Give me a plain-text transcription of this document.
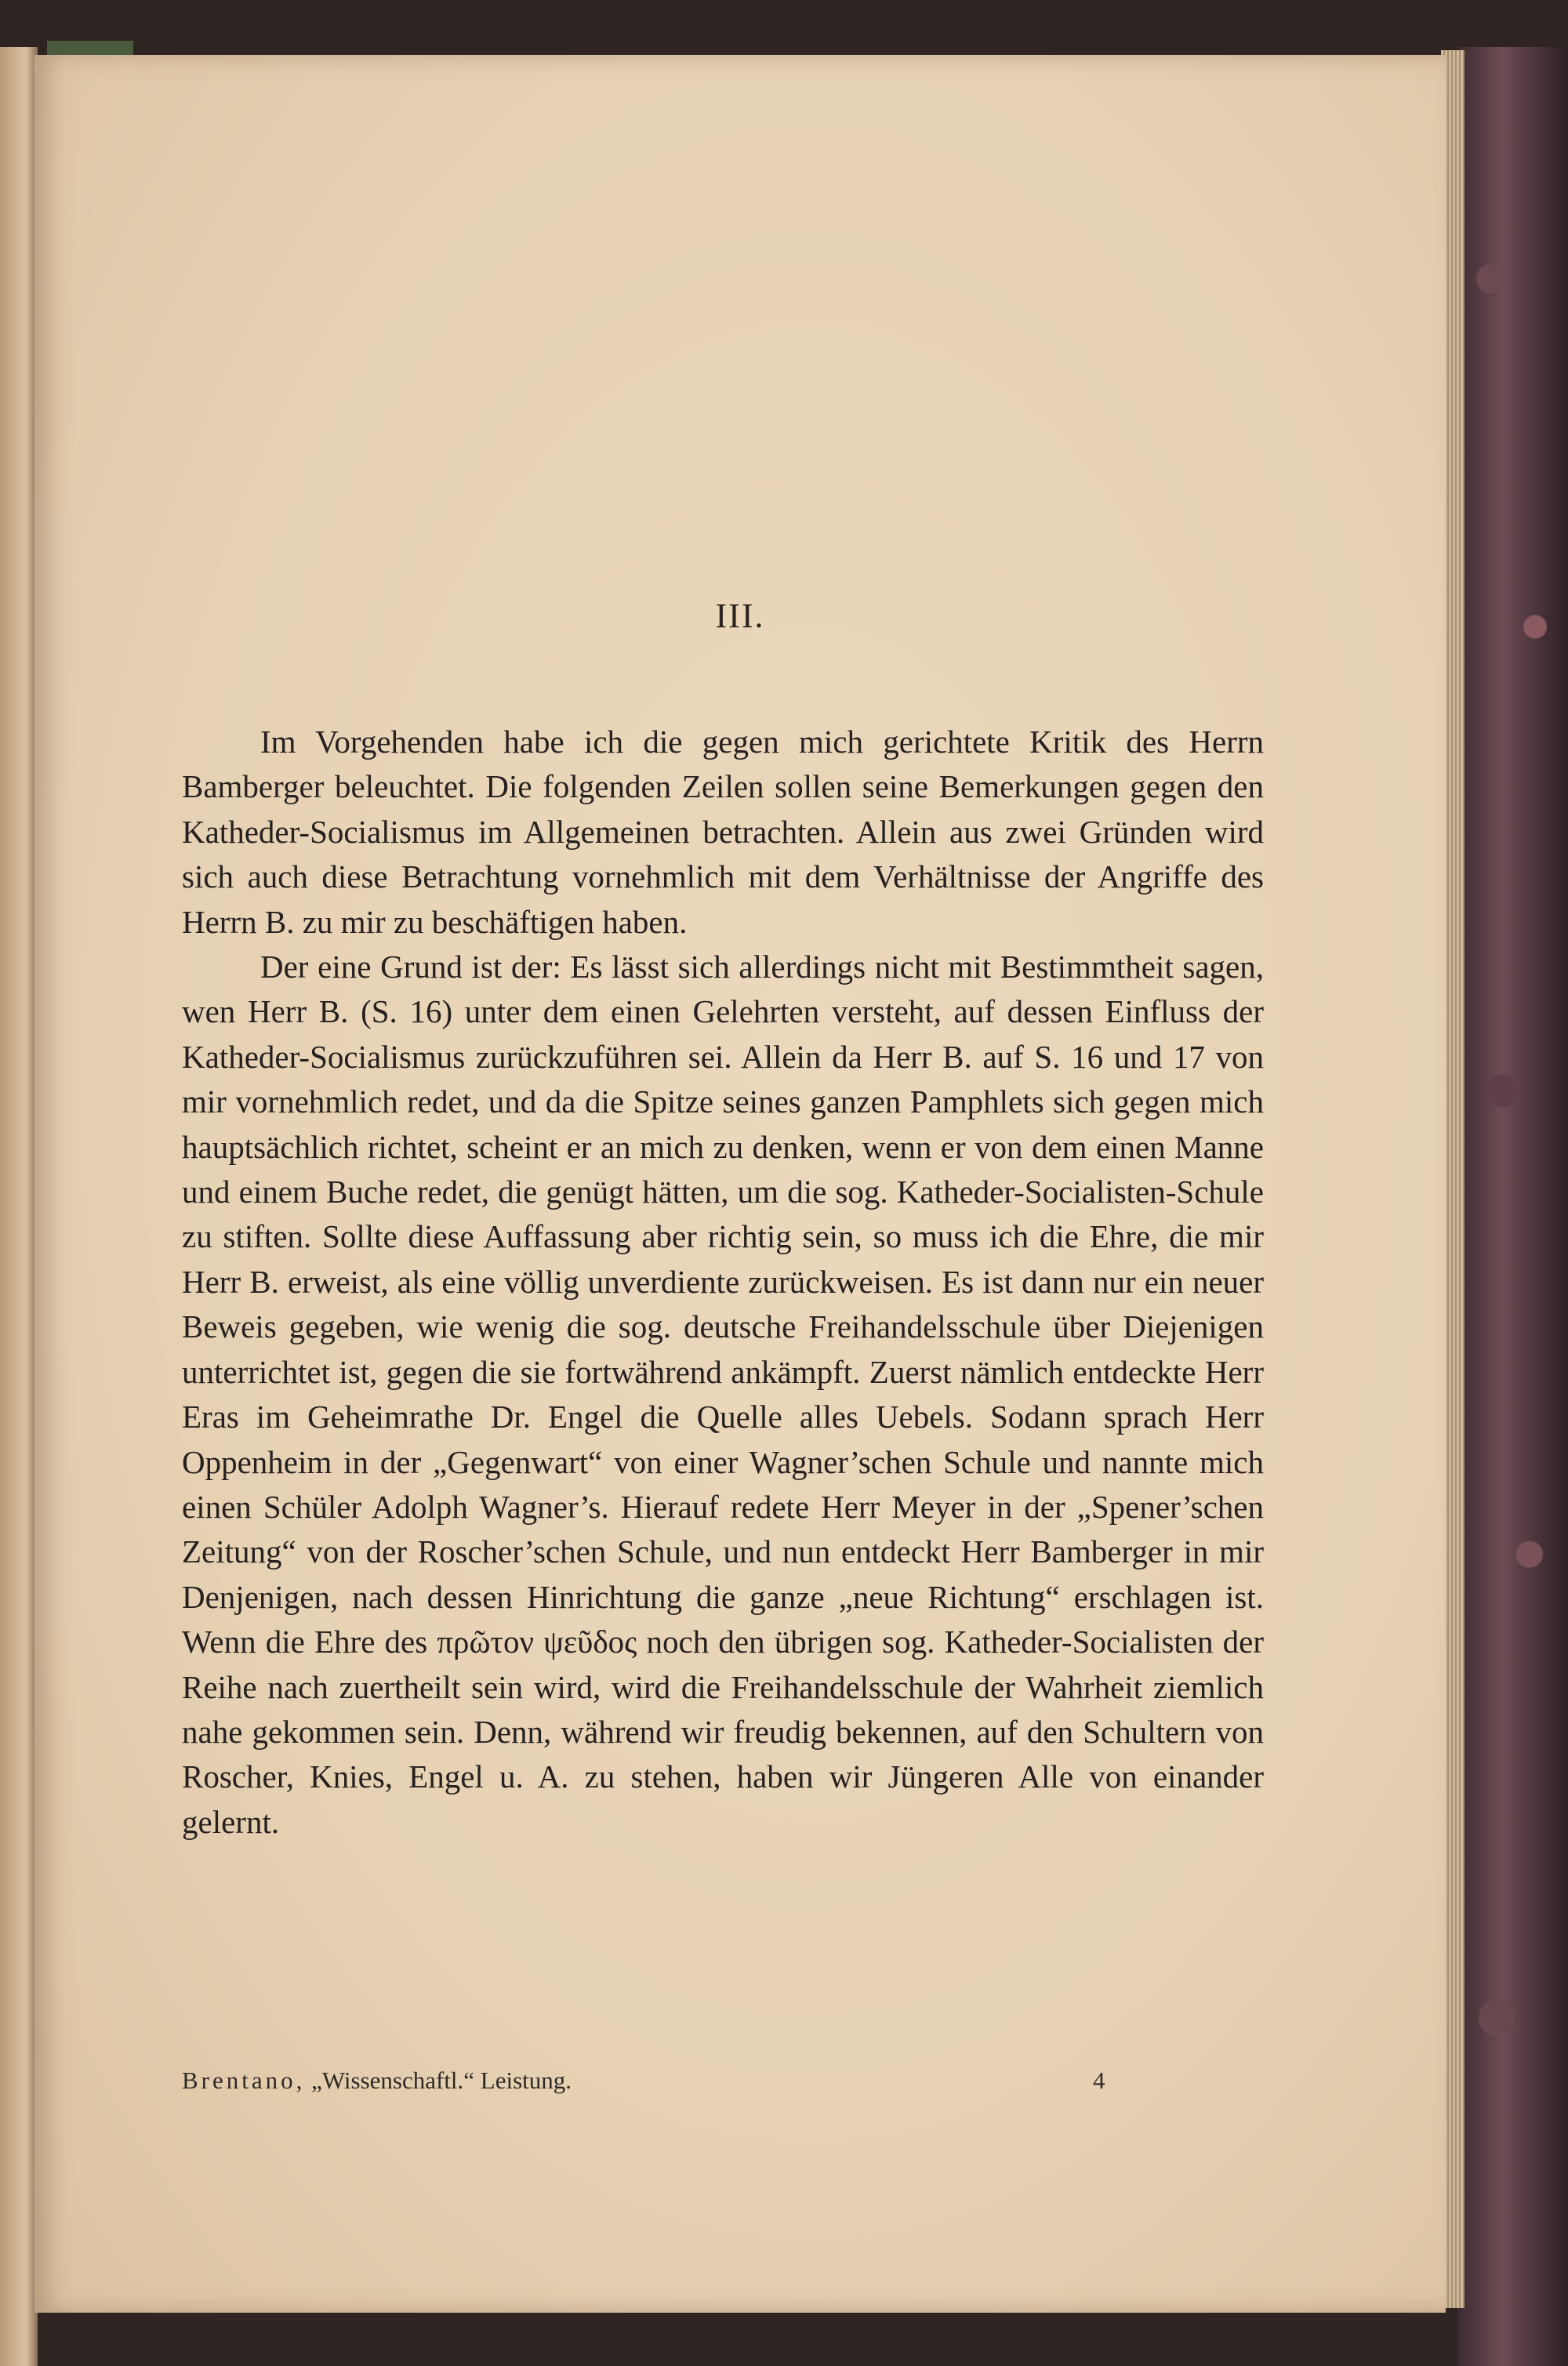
III.

Im Vorgehenden habe ich die gegen mich gerichtete Kritik des Herrn Bamberger beleuchtet. Die folgenden Zeilen sollen seine Bemerkungen gegen den Katheder-Socialismus im Allgemeinen betrachten. Allein aus zwei Gründen wird sich auch diese Betrachtung vornehmlich mit dem Verhältnisse der Angriffe des Herrn B. zu mir zu beschäftigen haben.

Der eine Grund ist der: Es lässt sich allerdings nicht mit Bestimmtheit sagen, wen Herr B. (S. 16) unter dem einen Gelehrten versteht, auf dessen Einfluss der Katheder-Socialismus zurückzuführen sei. Allein da Herr B. auf S. 16 und 17 von mir vornehmlich redet, und da die Spitze seines ganzen Pamphlets sich gegen mich hauptsächlich richtet, scheint er an mich zu denken, wenn er von dem einen Manne und einem Buche redet, die genügt hätten, um die sog. Katheder-Socialisten-Schule zu stiften. Sollte diese Auffassung aber richtig sein, so muss ich die Ehre, die mir Herr B. erweist, als eine völlig unverdiente zurückweisen. Es ist dann nur ein neuer Beweis gegeben, wie wenig die sog. deutsche Freihandelsschule über Diejenigen unterrichtet ist, gegen die sie fortwährend ankämpft. Zuerst nämlich entdeckte Herr Eras im Geheimrathe Dr. Engel die Quelle alles Uebels. Sodann sprach Herr Oppenheim in der „Gegenwart“ von einer Wagner’schen Schule und nannte mich einen Schüler Adolph Wagner’s. Hierauf redete Herr Meyer in der „Spener’schen Zeitung“ von der Roscher’schen Schule, und nun entdeckt Herr Bamberger in mir Denjenigen, nach dessen Hinrichtung die ganze „neue Richtung“ erschlagen ist. Wenn die Ehre des πρῶτον ψεῦδος noch den übrigen sog. Katheder-Socialisten der Reihe nach zuertheilt sein wird, wird die Freihandelsschule der Wahrheit ziemlich nahe gekommen sein. Denn, während wir freudig bekennen, auf den Schultern von Roscher, Knies, Engel u. A. zu stehen, haben wir Jüngeren Alle von einander gelernt.

Brentano, „Wissenschaftl.“ Leistung.	4
